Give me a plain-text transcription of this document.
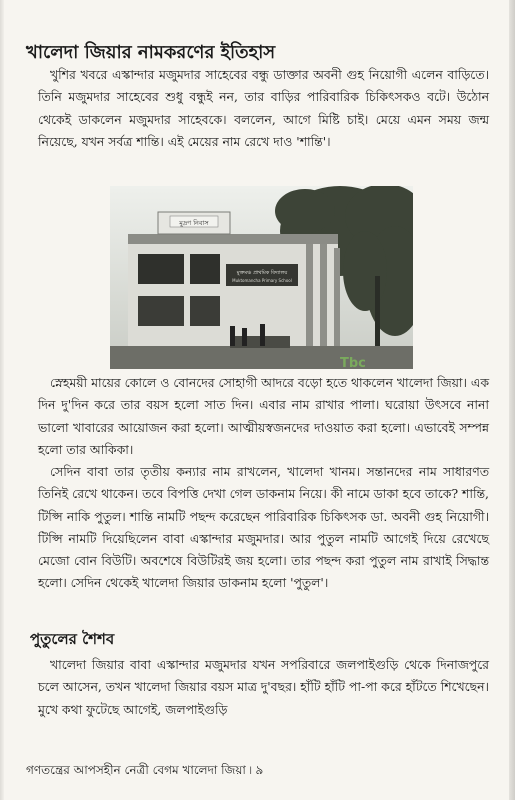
খালেদা জিয়ার নামকরণের ইতিহাস

খুশির খবরে এস্কান্দার মজুমদার সাহেবের বন্ধু ডাক্তার অবনী গুহ নিয়োগী এলেন বাড়িতে। তিনি মজুমদার সাহেবের শুধু বন্ধুই নন, তার বাড়ির পারিবারিক চিকিৎসকও বটে। উঠোন থেকেই ডাকলেন মজুমদার সাহেবকে। বললেন, আগে মিষ্টি চাই। মেয়ে এমন সময় জন্ম নিয়েছে, যখন সর্বত্র শান্তি। এই মেয়ের নাম রেখে দাও 'শান্তি'।

স্নেহময়ী মায়ের কোলে ও বোনদের সোহাগী আদরে বড়ো হতে থাকলেন খালেদা জিয়া। এক দিন দু'দিন করে তার বয়স হলো সাত দিন। এবার নাম রাখার পালা। ঘরোয়া উৎসবে নানা ভালো খাবারের আয়োজন করা হলো। আত্মীয়স্বজনদের দাওয়াত করা হলো। এভাবেই সম্পন্ন হলো তার আকিকা।

সেদিন বাবা তার তৃতীয় কন্যার নাম রাখলেন, খালেদা খানম। সন্তানদের নাম সাধারণত তিনিই রেখে থাকেন। তবে বিপত্তি দেখা গেল ডাকনাম নিয়ে। কী নামে ডাকা হবে তাকে? শান্তি, টিপ্সি নাকি পুতুল। শান্তি নামটি পছন্দ করেছেন পারিবারিক চিকিৎসক ডা. অবনী গুহ নিয়োগী। টিপ্সি নামটি দিয়েছিলেন বাবা এস্কান্দার মজুমদার। আর পুতুল নামটি আগেই দিয়ে রেখেছে মেজো বোন বিউটি। অবশেষে বিউটিরই জয় হলো। তার পছন্দ করা পুতুল নাম রাখাই সিদ্ধান্ত হলো। সেদিন থেকেই খালেদা জিয়ার ডাকনাম হলো 'পুতুল'।

খালেদা জিয়ার বাবা এস্কান্দার মজুমদার যখন সপরিবারে জলপাইগুড়ি থেকে দিনাজপুরে চলে আসেন, তখন খালেদা জিয়ার বয়স মাত্র দু'বছর। হাঁটি হাঁটি পা-পা করে হাঁটতে শিখেছেন। মুখে কথা ফুটেছে আগেই, জলপাইগুড়ি

মুদ্রণ নিবাস
মুক্তমঞ্চ প্রাথমিক বিদ্যালয়
Muktomancha Primary School
Tbc
পুতুলের শৈশব
গণতন্ত্রের আপসহীন নেত্রী বেগম খালেদা জিয়া ৷ ৯
